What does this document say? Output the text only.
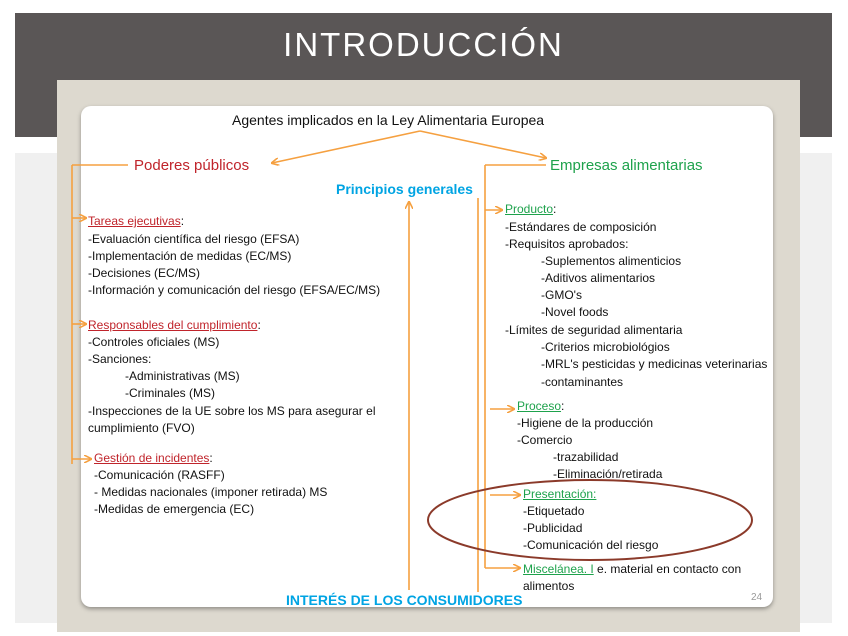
INTRODUCCIÓN
Agentes implicados en la Ley Alimentaria Europea
Poderes públicos	Empresas alimentarias
Principios generales
INTERÉS DE LOS CONSUMIDORES	24
Tareas ejecutivas:
-Evaluación científica del riesgo (EFSA)
-Implementación de medidas (EC/MS)
-Decisiones (EC/MS)
-Información y comunicación del riesgo (EFSA/EC/MS)
Responsables del cumplimiento:
-Controles oficiales (MS)
-Sanciones:
-Administrativas (MS)
-Criminales (MS)
-Inspecciones de la UE sobre los MS para asegurar el
cumplimiento (FVO)
Gestión de incidentes:
-Comunicación (RASFF)
- Medidas nacionales (imponer retirada) MS
-Medidas de emergencia (EC)
Producto:
-Estándares de composición
-Requisitos aprobados:
-Suplementos alimenticios
-Aditivos alimentarios
-GMO's
-Novel foods
-Límites de seguridad alimentaria
-Criterios microbiológios
-MRL's pesticidas y medicinas veterinarias
-contaminantes
Proceso:
-Higiene de la producción
-Comercio
-trazabilidad
-Eliminación/retirada
Presentación:
-Etiquetado
-Publicidad
-Comunicación del riesgo
Miscelánea. I e. material en contacto con
alimentos
